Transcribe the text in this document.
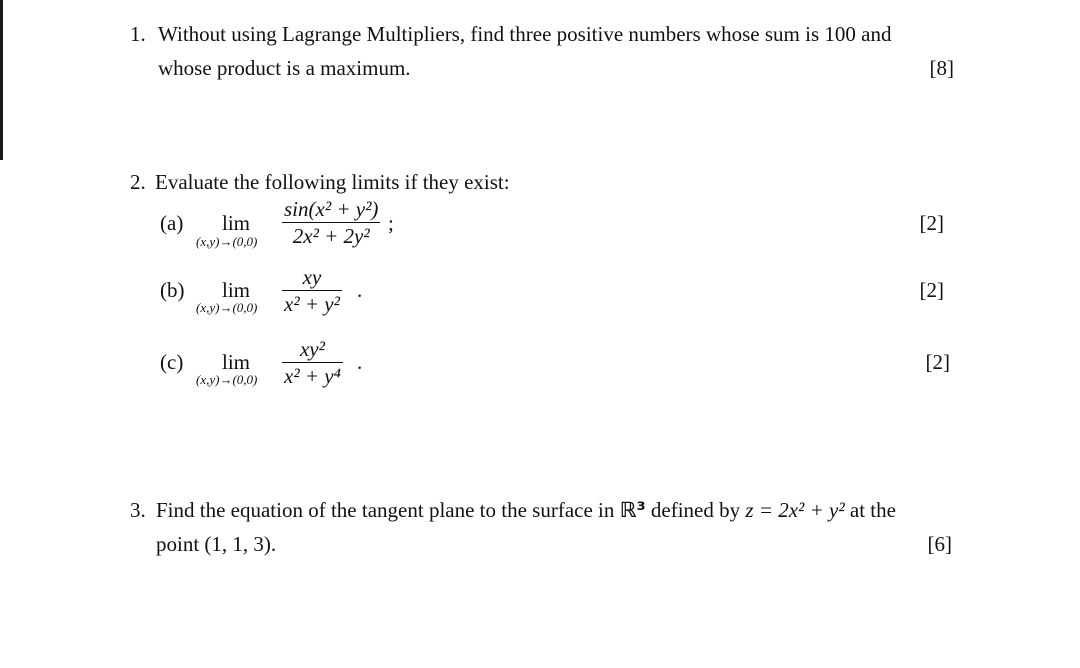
1. Without using Lagrange Multipliers, find three positive numbers whose sum is 100 and
whose product is a maximum.	[8]
2. Evaluate the following limits if they exist:
(a)	lim
(x,y)→(0,0)
sin(x² + y²)
2x² + 2y²
;	[2]
(b)	lim
(x,y)→(0,0)
xy
x² + y²
.	[2]
(c)	lim
(x,y)→(0,0)
xy²
x² + y⁴
.	[2]
3. Find the equation of the tangent plane to the surface in ℝ³ defined by z = 2x² + y² at the
point (1, 1, 3).	[6]
